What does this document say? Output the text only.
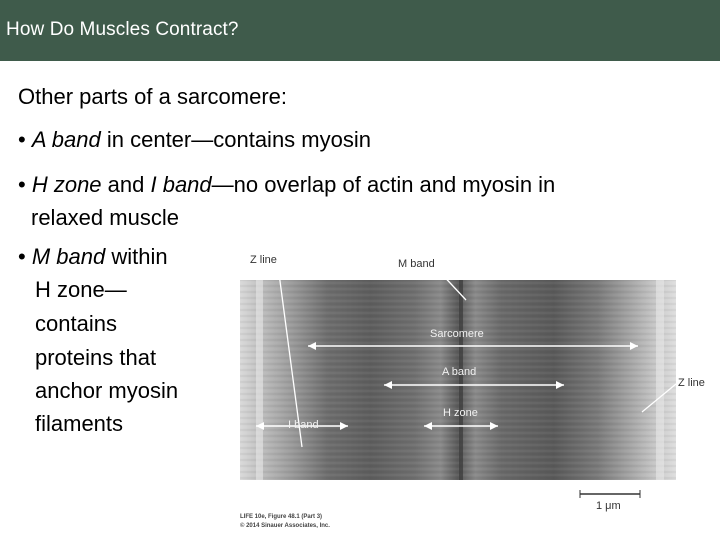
How Do Muscles Contract?
Other parts of a sarcomere:
• A band in center—contains myosin
• H zone and I band—no overlap of actin and myosin in
relaxed muscle
• M band within
H zone—
contains
proteins that
anchor myosin
filaments
Z line	M band
Sarcomere
A band
Z line
I band
H zone
1 μm
LIFE 10e, Figure 48.1 (Part 3)
© 2014 Sinauer Associates, Inc.
